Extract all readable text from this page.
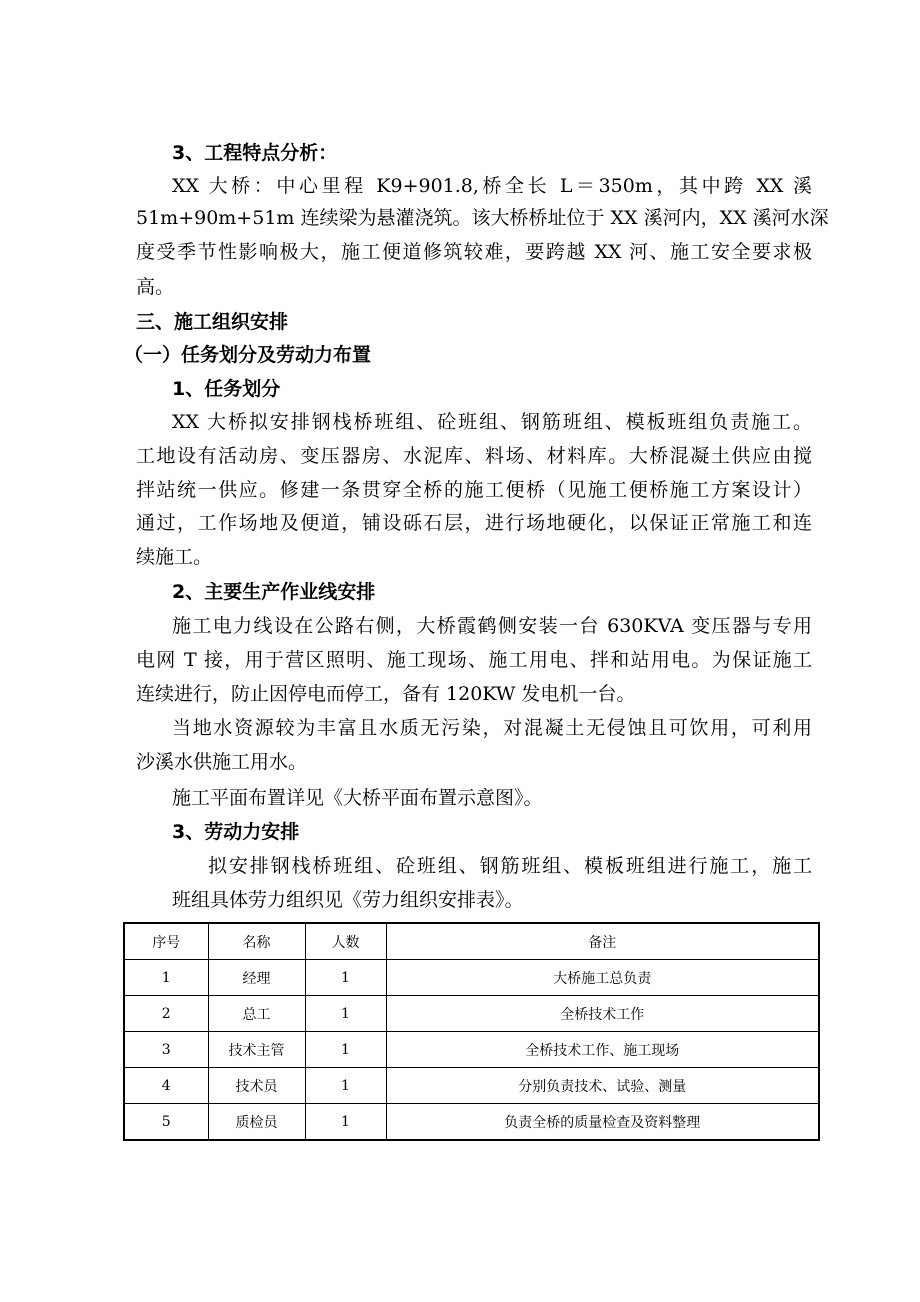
3、工程特点分析：
XX 大桥：中心里程 K9+901.8,桥全长 L＝350m，其中跨 XX 溪
51m+90m+51m 连续梁为悬灌浇筑。该大桥桥址位于 XX 溪河内，XX 溪河水深
度受季节性影响极大，施工便道修筑较难，要跨越 XX 河、施工安全要求极
高。
三、施工组织安排
（一）任务划分及劳动力布置
1、任务划分
XX 大桥拟安排钢栈桥班组、砼班组、钢筋班组、模板班组负责施工。
工地设有活动房、变压器房、水泥库、料场、材料库。大桥混凝土供应由搅
拌站统一供应。修建一条贯穿全桥的施工便桥（见施工便桥施工方案设计）
通过，工作场地及便道，铺设砾石层，进行场地硬化，以保证正常施工和连
续施工。
2、主要生产作业线安排
施工电力线设在公路右侧，大桥霞鹤侧安装一台 630KVA 变压器与专用
电网 T 接，用于营区照明、施工现场、施工用电、拌和站用电。为保证施工
连续进行，防止因停电而停工，备有 120KW 发电机一台。
当地水资源较为丰富且水质无污染，对混凝土无侵蚀且可饮用，可利用
沙溪水供施工用水。
施工平面布置详见《大桥平面布置示意图》。
3、劳动力安排
拟安排钢栈桥班组、砼班组、钢筋班组、模板班组进行施工，施工
班组具体劳力组织见《劳力组织安排表》。
序号	名称	人数	备注
1	经理	1	大桥施工总负责
2	总工	1	全桥技术工作
3	技术主管	1	全桥技术工作、施工现场
4	技术员	1	分别负责技术、试验、测量
5	质检员	1	负责全桥的质量检查及资料整理
